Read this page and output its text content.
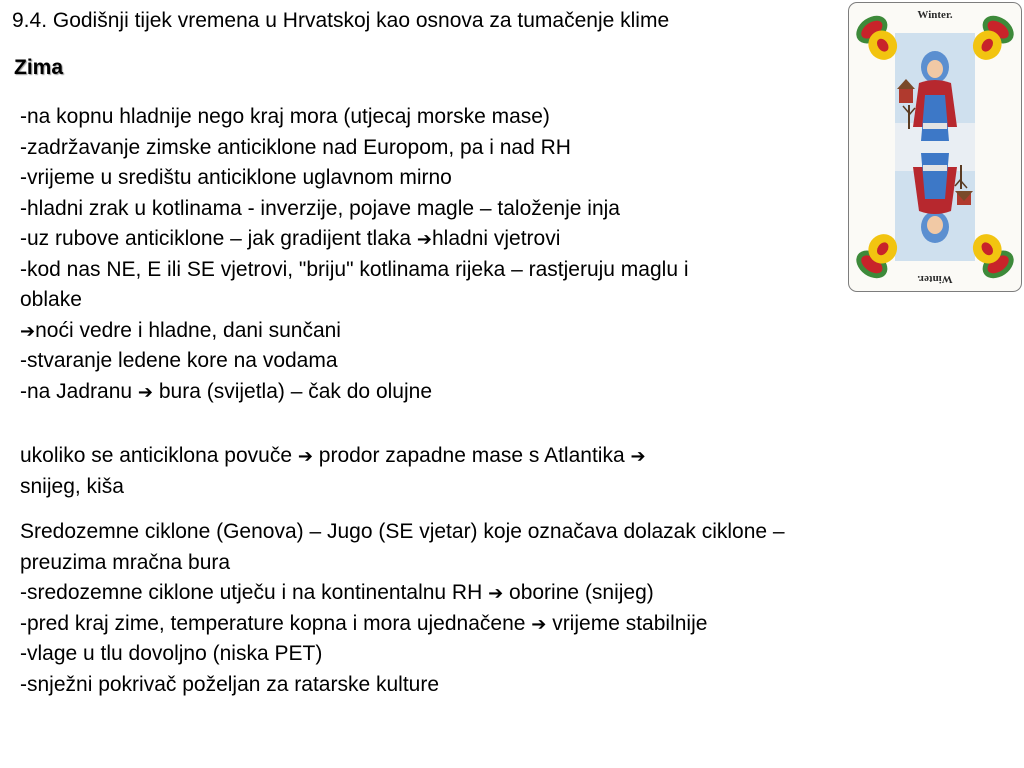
9.4. Godišnji tijek vremena u Hrvatskoj kao osnova za tumačenje klime
Zima
-na kopnu hladnije nego kraj mora (utjecaj morske mase)
-zadržavanje zimske anticiklone nad Europom, pa i nad RH
-vrijeme u središtu anticiklone uglavnom mirno
-hladni zrak u kotlinama - inverzije, pojave magle – taloženje inja
-uz rubove anticiklone – jak gradijent tlaka ➔hladni vjetrovi
-kod nas NE, E ili SE vjetrovi, "briju" kotlinama rijeka – rastjeruju maglu i
oblake
➔noći vedre i hladne, dani sunčani
-stvaranje ledene kore na vodama
-na Jadranu ➔ bura (svijetla) – čak do olujne
ukoliko se anticiklona povuče ➔ prodor zapadne mase s Atlantika ➔
snijeg, kiša
Sredozemne ciklone (Genova) – Jugo (SE vjetar) koje označava dolazak ciklone –
preuzima mračna bura
-sredozemne ciklone utječu i na kontinentalnu RH ➔ oborine (snijeg)
-pred kraj zime, temperature kopna i mora ujednačene ➔ vrijeme stabilnije
-vlage u tlu dovoljno (niska PET)
-snježni pokrivač poželjan za ratarske kulture
Winter.
Winter.
